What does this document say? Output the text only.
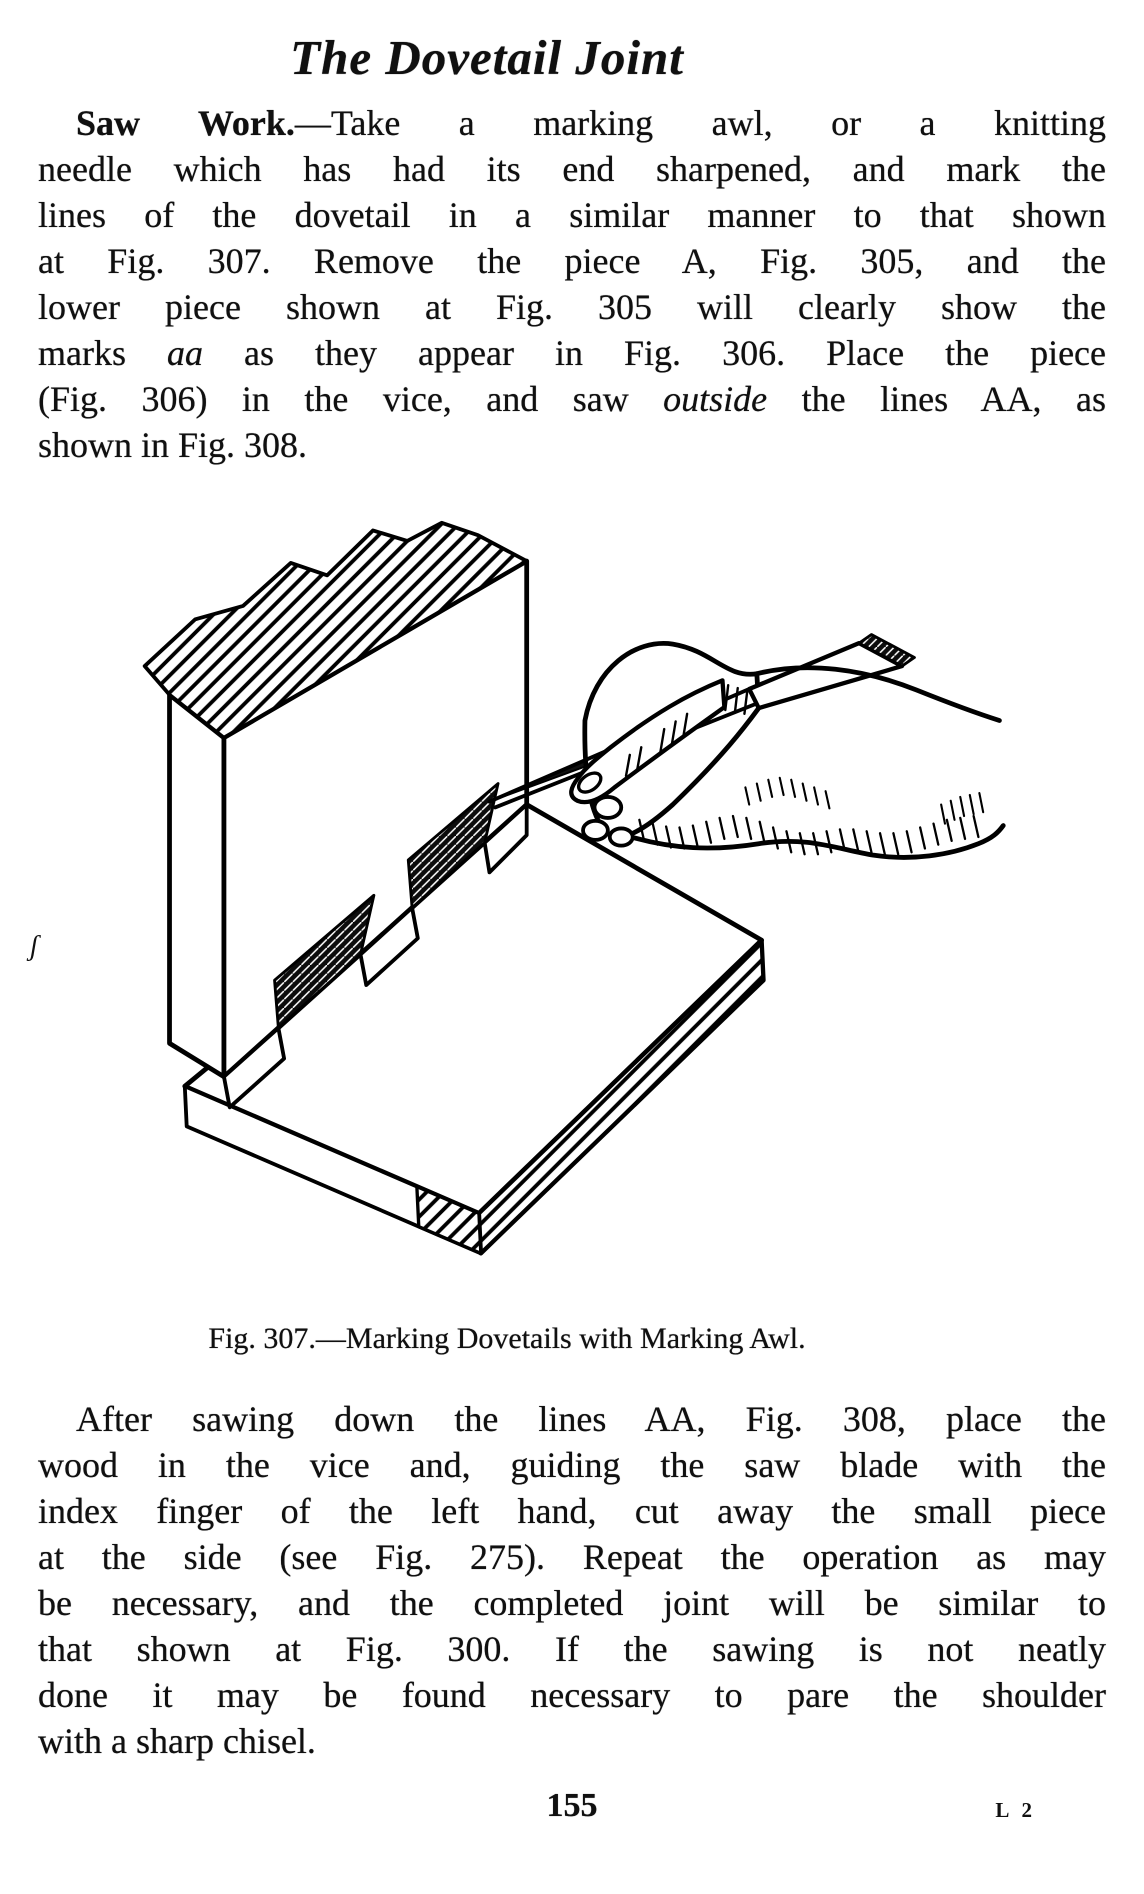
The Dovetail Joint
Saw Work.—Take a marking awl, or a knitting
needle which has had its end sharpened, and mark the
lines of the dovetail in a similar manner to that shown
at Fig. 307. Remove the piece A, Fig. 305, and the
lower piece shown at Fig. 305 will clearly show the
marks aa as they appear in Fig. 306. Place the piece
(Fig. 306) in the vice, and saw outside the lines AA, as
shown in Fig. 308.
Fig. 307.—Marking Dovetails with Marking Awl.
After sawing down the lines AA, Fig. 308, place the
wood in the vice and, guiding the saw blade with the
index finger of the left hand, cut away the small piece
at the side (see Fig. 275). Repeat the operation as may
be necessary, and the completed joint will be similar to
that shown at Fig. 300. If the sawing is not neatly
done it may be found necessary to pare the shoulder
with a sharp chisel.
155	L 2
ʃ
